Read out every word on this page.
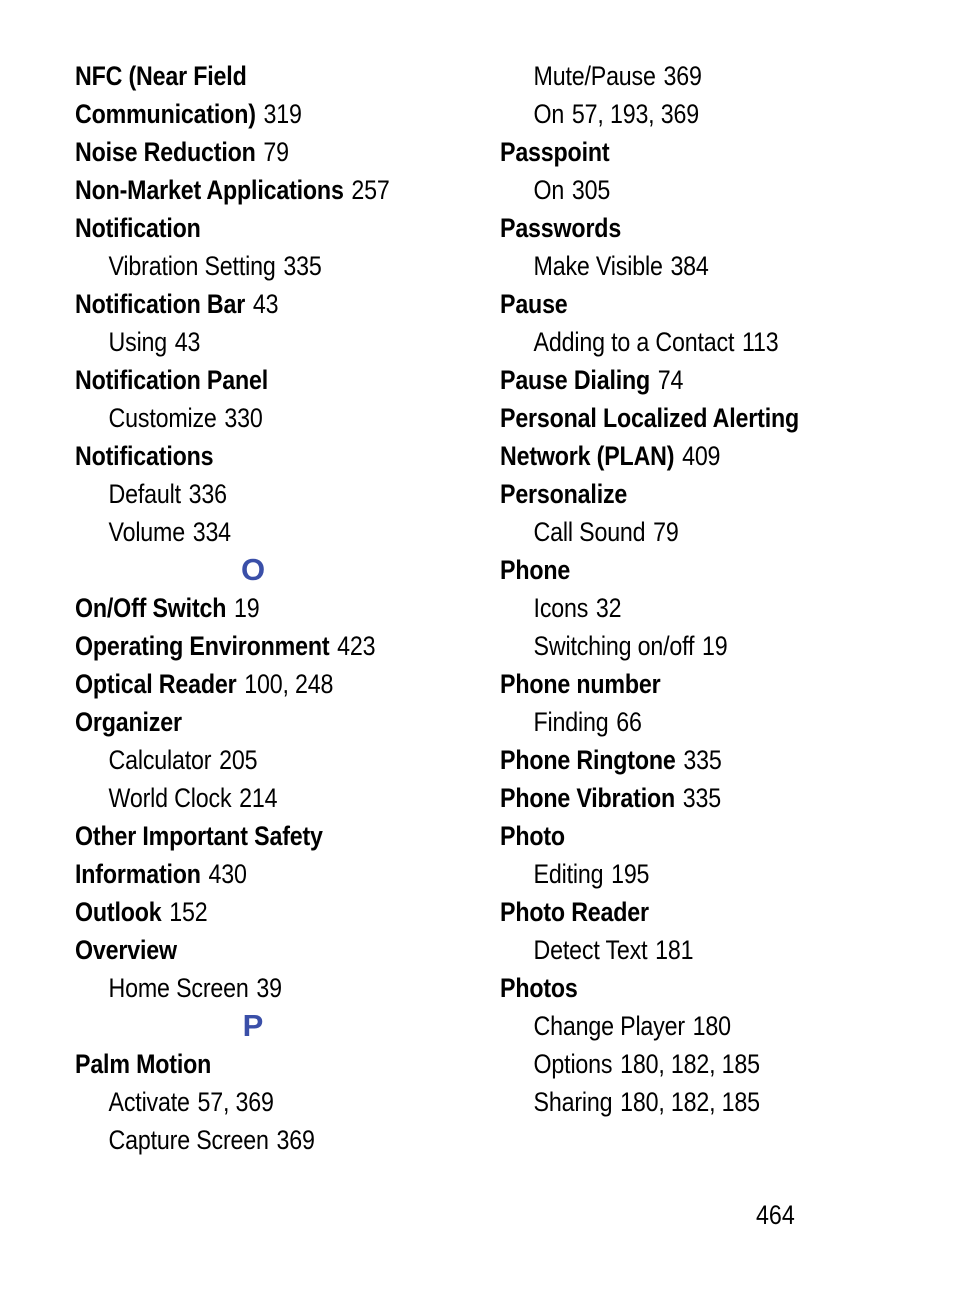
NFC (Near Field
Communication) 319
Noise Reduction 79
Non-Market Applications 257
Notification
Vibration Setting 335
Notification Bar 43
Using 43
Notification Panel
Customize 330
Notifications
Default 336
Volume 334
O
On/Off Switch 19
Operating Environment 423
Optical Reader 100, 248
Organizer
Calculator 205
World Clock 214
Other Important Safety
Information 430
Outlook 152
Overview
Home Screen 39
P
Palm Motion
Activate 57, 369
Capture Screen 369
Mute/Pause 369
On 57, 193, 369
Passpoint
On 305
Passwords
Make Visible 384
Pause
Adding to a Contact 113
Pause Dialing 74
Personal Localized Alerting
Network (PLAN) 409
Personalize
Call Sound 79
Phone
Icons 32
Switching on/off 19
Phone number
Finding 66
Phone Ringtone 335
Phone Vibration 335
Photo
Editing 195
Photo Reader
Detect Text 181
Photos
Change Player 180
Options 180, 182, 185
Sharing 180, 182, 185
464
